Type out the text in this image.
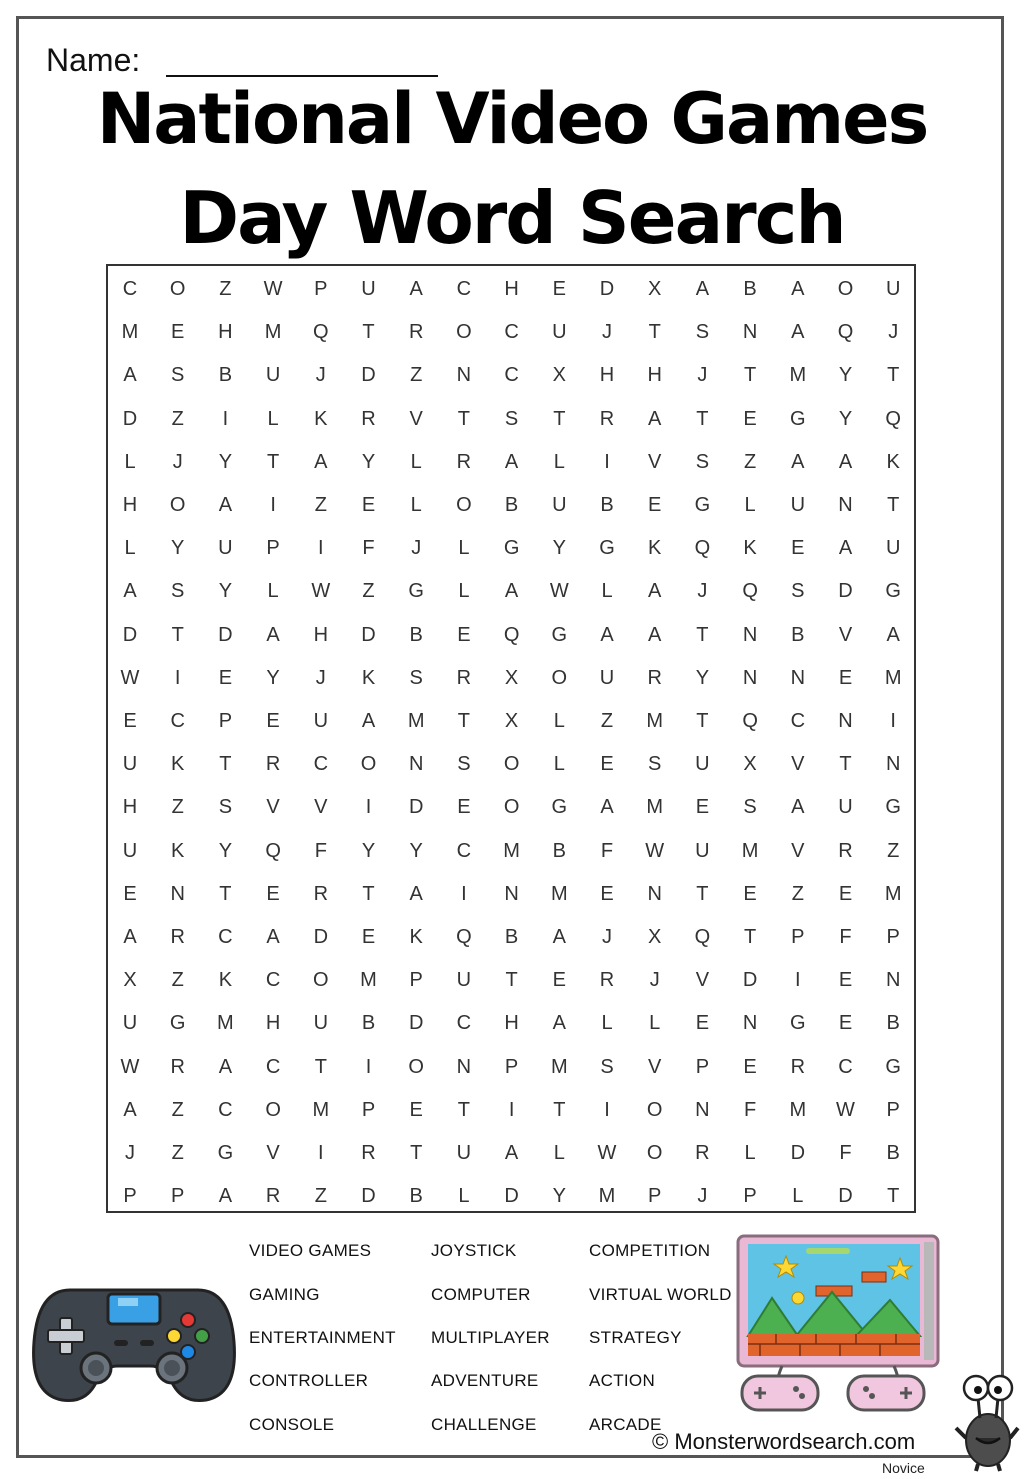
Name:
National Video Games
Day Word Search
C	O	Z	W	P	U	A	C	H	E	D	X	A	B	A	O	U
M	E	H	M	Q	T	R	O	C	U	J	T	S	N	A	Q	J
A	S	B	U	J	D	Z	N	C	X	H	H	J	T	M	Y	T
D	Z	I	L	K	R	V	T	S	T	R	A	T	E	G	Y	Q
L	J	Y	T	A	Y	L	R	A	L	I	V	S	Z	A	A	K
H	O	A	I	Z	E	L	O	B	U	B	E	G	L	U	N	T
L	Y	U	P	I	F	J	L	G	Y	G	K	Q	K	E	A	U
A	S	Y	L	W	Z	G	L	A	W	L	A	J	Q	S	D	G
D	T	D	A	H	D	B	E	Q	G	A	A	T	N	B	V	A
W	I	E	Y	J	K	S	R	X	O	U	R	Y	N	N	E	M
E	C	P	E	U	A	M	T	X	L	Z	M	T	Q	C	N	I
U	K	T	R	C	O	N	S	O	L	E	S	U	X	V	T	N
H	Z	S	V	V	I	D	E	O	G	A	M	E	S	A	U	G
U	K	Y	Q	F	Y	Y	C	M	B	F	W	U	M	V	R	Z
E	N	T	E	R	T	A	I	N	M	E	N	T	E	Z	E	M
A	R	C	A	D	E	K	Q	B	A	J	X	Q	T	P	F	P
X	Z	K	C	O	M	P	U	T	E	R	J	V	D	I	E	N
U	G	M	H	U	B	D	C	H	A	L	L	E	N	G	E	B
W	R	A	C	T	I	O	N	P	M	S	V	P	E	R	C	G
A	Z	C	O	M	P	E	T	I	T	I	O	N	F	M	W	P
J	Z	G	V	I	R	T	U	A	L	W	O	R	L	D	F	B
P	P	A	R	Z	D	B	L	D	Y	M	P	J	P	L	D	T
VIDEO GAMES
GAMING
ENTERTAINMENT
CONTROLLER
CONSOLE
JOYSTICK
COMPUTER
MULTIPLAYER
ADVENTURE
CHALLENGE
COMPETITION
VIRTUAL WORLD
STRATEGY
ACTION
ARCADE
© Monsterwordsearch.com
Novice
